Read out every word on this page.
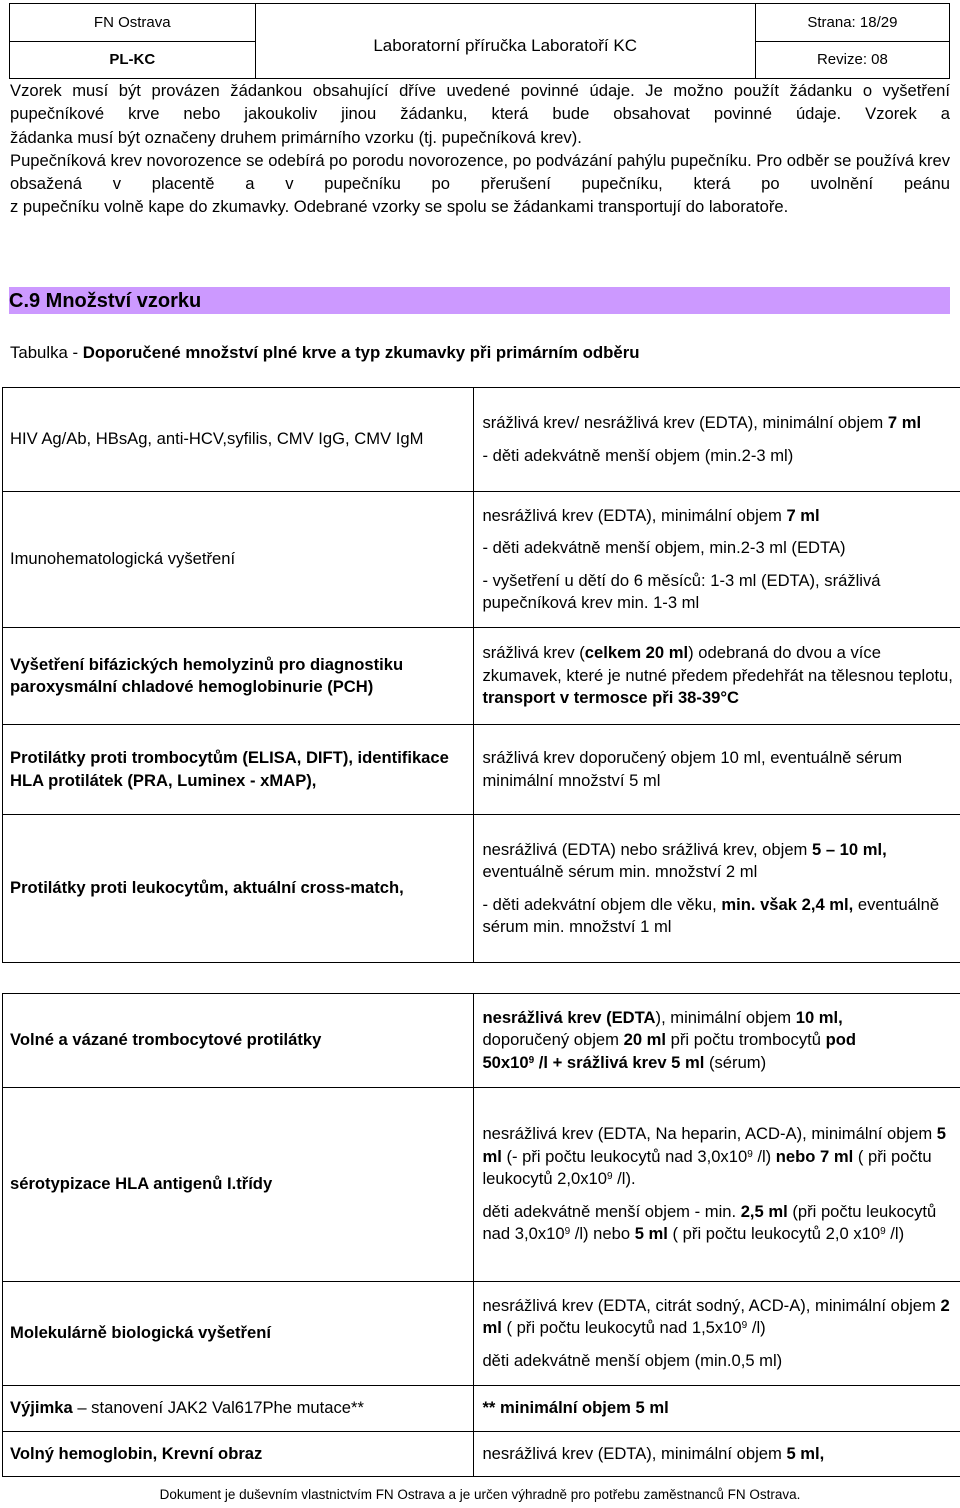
FN Ostrava	Laboratorní příručka Laboratoří KC	Strana: 18/29
PL-KC		Revize: 08

Vzorek musí být provázen žádankou obsahující dříve uvedené povinné údaje. Je možno použít žádanku o vyšetření pupečníkové krve nebo jakoukoliv jinou žádanku, která bude obsahovat povinné údaje. Vzorek a

žádanka musí být označeny druhem primárního vzorku (tj. pupečníková krev).

Pupečníková krev novorozence se odebírá po porodu novorozence, po podvázání pahýlu pupečníku. Pro odběr se používá krev obsažená v placentě a v pupečníku po přerušení pupečníku, která po uvolnění peánu

z pupečníku volně kape do zkumavky. Odebrané vzorky se spolu se žádankami transportují do laboratoře.

C.9 Množství vzorku
Tabulka - Doporučené množství plné krve a typ zkumavky při primárním odběru
HIV Ag/Ab, HBsAg, anti-HCV,syfilis, CMV IgG, CMV IgM	srážlivá krev/ nesrážlivá krev (EDTA), minimální objem 7 ml

- děti adekvátně menší objem (min.2-3 ml)

Imunohematologická vyšetření	nesrážlivá krev (EDTA), minimální objem 7 ml

- děti adekvátně menší objem, min.2-3 ml (EDTA)

- vyšetření u dětí do 6 měsíců: 1-3 ml (EDTA), srážlivá pupečníková krev min. 1-3 ml

Vyšetření bifázických hemolyzinů pro diagnostiku paroxysmální chladové hemoglobinurie (PCH)	srážlivá krev (celkem 20 ml) odebraná do dvou a více zkumavek, které je nutné předem předehřát na tělesnou teplotu, transport v termosce při 38-39°C

Protilátky proti trombocytům (ELISA, DIFT), identifikace HLA protilátek (PRA, Luminex - xMAP),	srážlivá krev doporučený objem 10 ml, eventuálně sérum minimální množství 5 ml
Protilátky proti leukocytům, aktuální cross-match,	nesrážlivá (EDTA) nebo srážlivá krev, objem 5 – 10 ml, eventuálně sérum min. množství 2 ml

- děti adekvátní objem dle věku, min. však 2,4 ml, eventuálně sérum min. množství 1 ml

Volné a vázané trombocytové protilátky	nesrážlivá krev (EDTA), minimální objem 10 ml,

doporučený objem 20 ml při počtu trombocytů pod

$50x10^9$ /l + srážlivá krev 5 ml (sérum)

sérotypizace HLA antigenů I.třídy	nesrážlivá krev (EDTA, Na heparin, ACD-A), minimální objem 5 ml (- při počtu leukocytů nad $3,0x10^9$ /l) nebo 7 ml ( při počtu leukocytů $2,0x10^9$ /l).

děti adekvátně menší objem - min. 2,5 ml (při počtu leukocytů nad $3,0x10^9$ /l) nebo 5 ml ( při počtu leukocytů 2,0 $x10^9$ /l)

Molekulárně biologická vyšetření	nesrážlivá krev (EDTA, citrát sodný, ACD-A), minimální objem 2 ml ( při počtu leukocytů nad $1,5x10^9$ /l)

děti adekvátně menší objem (min.0,5 ml)

Výjimka – stanovení JAK2 Val617Phe mutace**	** minimální objem 5 ml
Volný hemoglobin, Krevní obraz	nesrážlivá krev (EDTA), minimální objem 5 ml,
Dokument je duševním vlastnictvím FN Ostrava a je určen výhradně pro potřebu zaměstnanců FN Ostrava.
